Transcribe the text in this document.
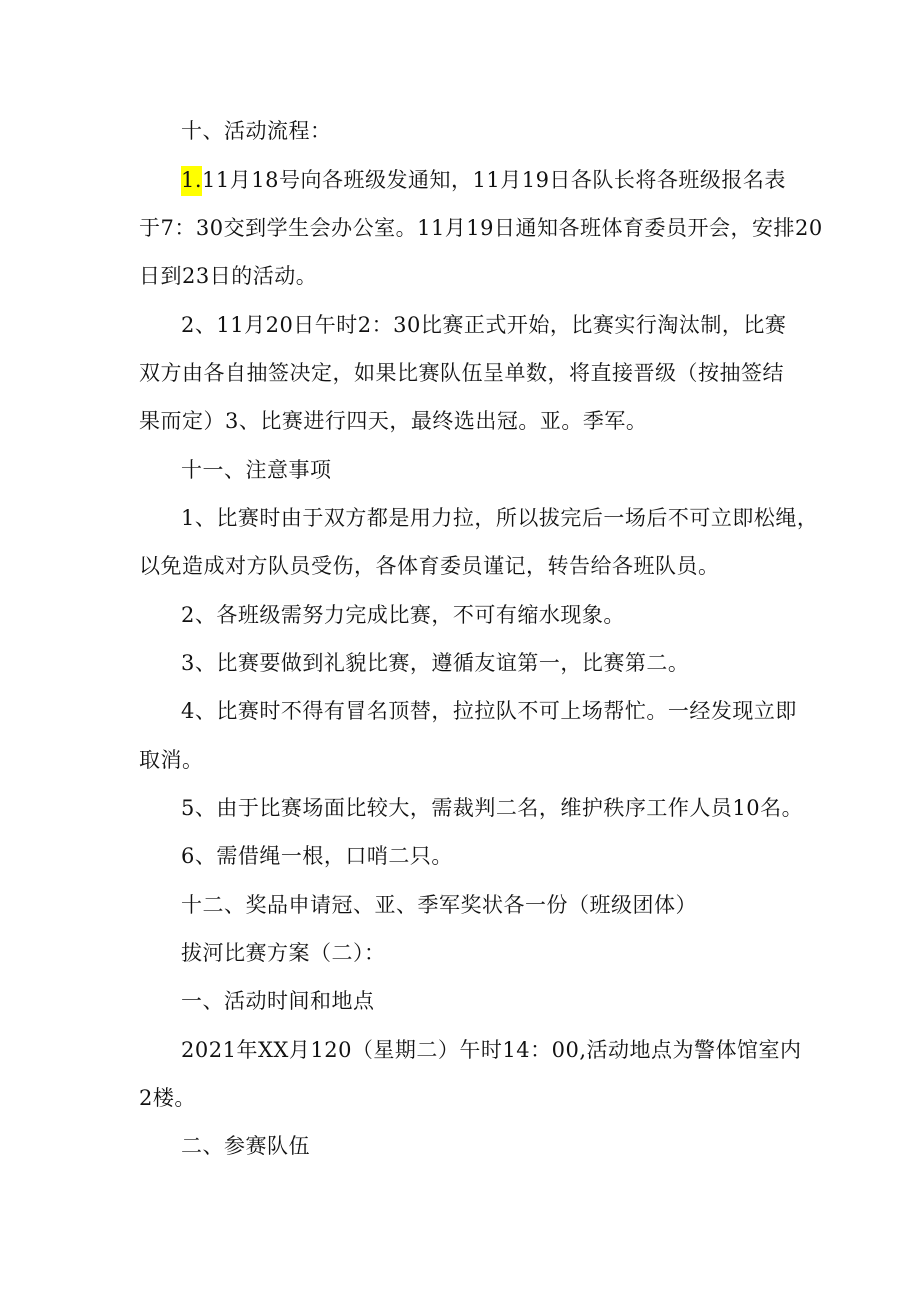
十、活动流程：
1.11月18号向各班级发通知，11月19日各队长将各班级报名表
于7：30交到学生会办公室。11月19日通知各班体育委员开会，安排20
日到23日的活动。
2、11月20日午时2：30比赛正式开始，比赛实行淘汰制，比赛
双方由各自抽签决定，如果比赛队伍呈单数，将直接晋级（按抽签结
果而定）3、比赛进行四天，最终选出冠。亚。季军。
十一、注意事项
1、比赛时由于双方都是用力拉，所以拔完后一场后不可立即松绳，
以免造成对方队员受伤，各体育委员谨记，转告给各班队员。
2、各班级需努力完成比赛，不可有缩水现象。
3、比赛要做到礼貌比赛，遵循友谊第一，比赛第二。
4、比赛时不得有冒名顶替，拉拉队不可上场帮忙。一经发现立即
取消。
5、由于比赛场面比较大，需裁判二名，维护秩序工作人员10名。
6、需借绳一根，口哨二只。
十二、奖品申请冠、亚、季军奖状各一份（班级团体）
拔河比赛方案（二）：
一、活动时间和地点
2021年XX月120（星期二）午时14：00,活动地点为警体馆室内
2楼。
二、参赛队伍
